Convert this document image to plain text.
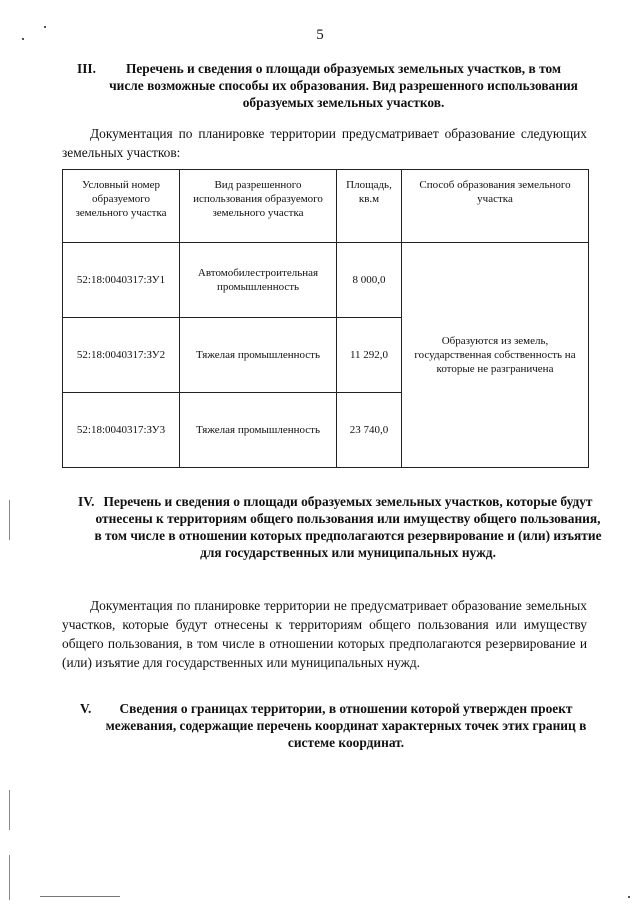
5
III.	Перечень и сведения о площади образуемых земельных участков, в том числе возможные способы их образования. Вид разрешенного использования образуемых земельных участков.
Документация по планировке территории предусматривает образование следующих земельных участков:
Условный номер образуемого земельного участка	Вид разрешенного использования образуемого земельного участка	Площадь, кв.м	Способ образования земельного участка
52:18:0040317:ЗУ1	Автомобилестроительная промышленность	8 000,0	Образуются из земель, государственная собственность на которые не разграничена
52:18:0040317:ЗУ2	Тяжелая промышленность	11 292,0	
52:18:0040317:ЗУ3	Тяжелая промышленность	23 740,0	
IV. Перечень и сведения о площади образуемых земельных участков, которые будут отнесены к территориям общего пользования или имуществу общего пользования, в том числе в отношении которых предполагаются резервирование и (или) изъятие для государственных или муниципальных нужд.
Документация по планировке территории не предусматривает образование земельных участков, которые будут отнесены к территориям общего пользования или имуществу общего пользования, в том числе в отношении которых предполагаются резервирование и (или) изъятие для государственных или муниципальных нужд.
V.	Сведения о границах территории, в отношении которой утвержден проект межевания, содержащие перечень координат характерных точек этих границ в системе координат.
